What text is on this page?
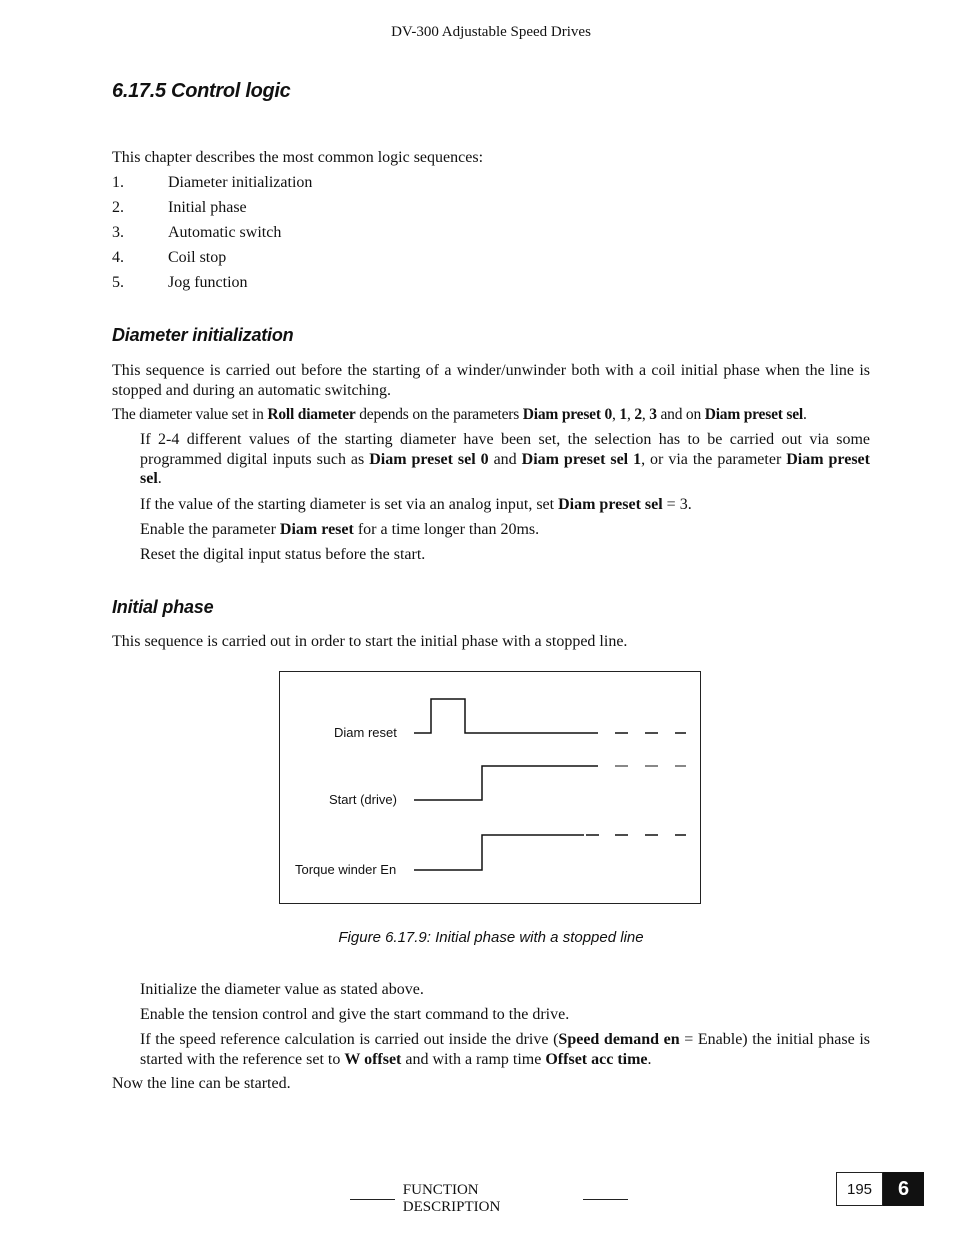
DV-300 Adjustable Speed Drives
6.17.5 Control logic
This chapter describes the most common logic sequences:
1.	Diameter initialization
2.	Initial phase
3.	Automatic switch
4.	Coil stop
5.	Jog function
Diameter initialization
This sequence is carried out before the starting of a winder/unwinder both with a coil initial phase when the line is stopped and during an automatic switching.
The diameter value set in Roll diameter depends on the parameters Diam preset 0, 1, 2, 3 and on Diam preset sel.
If 2-4 different values of the starting diameter have been set, the selection has to be carried out via some programmed digital inputs such as Diam preset sel 0 and Diam preset sel 1, or via the parameter Diam preset sel.
If the value of the starting diameter is set via an analog input, set Diam preset sel = 3.
Enable the parameter Diam reset for a time longer than 20ms.
Reset the digital input status before the start.
Initial phase
This sequence is carried out in order to start the initial phase with a stopped line.
Diam reset
Start (drive)
Torque winder En
Figure 6.17.9: Initial phase with a stopped line
Initialize the diameter value as stated above.
Enable the tension control and give the start command to the drive.
If the speed reference calculation is carried out inside the drive (Speed demand en = Enable) the initial phase is started with the reference set to W offset and with a ramp time Offset acc time.
Now the line can be started.
FUNCTION DESCRIPTION
195	6
